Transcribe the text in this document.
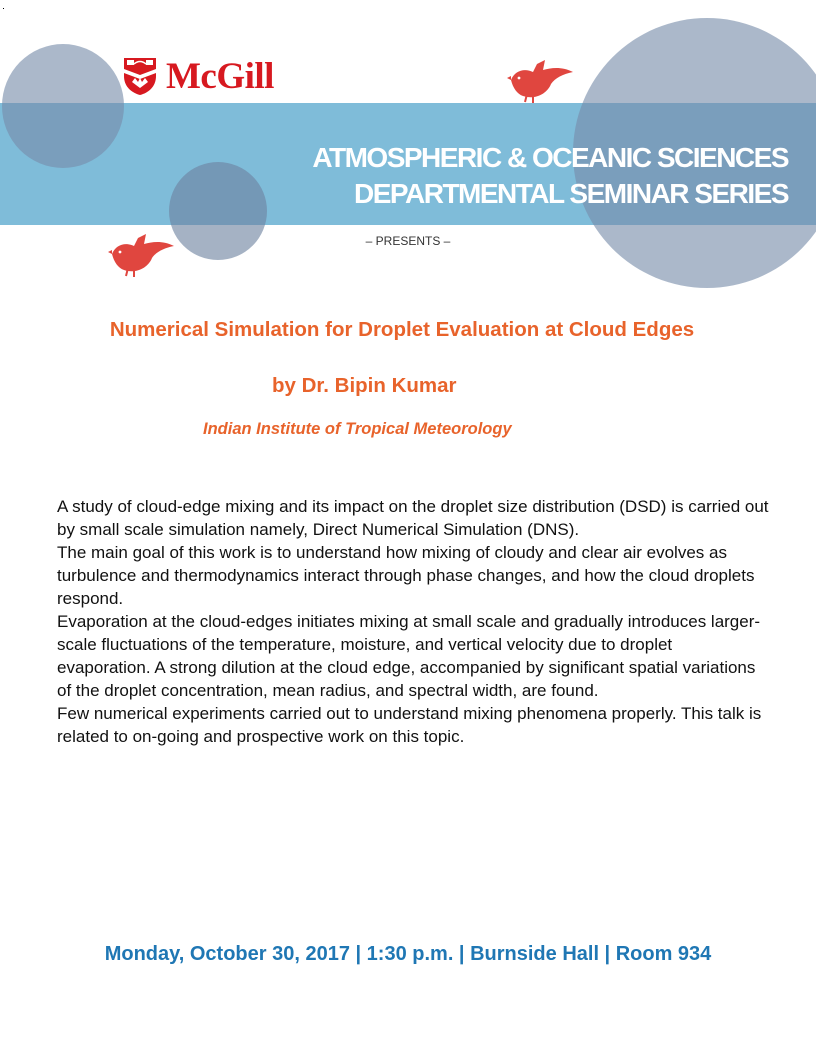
McGill
ATMOSPHERIC & OCEANIC SCIENCES
DEPARTMENTAL SEMINAR SERIES
– PRESENTS –
Numerical Simulation for Droplet Evaluation at Cloud Edges
by Dr. Bipin Kumar
Indian Institute of Tropical Meteorology

A study of cloud-edge mixing and its impact on the droplet size distribution (DSD) is carried out by small scale simulation namely, Direct Numerical Simulation (DNS).

The main goal of this work is to understand how mixing of cloudy and clear air evolves as turbulence and thermodynamics interact through phase changes, and how the cloud droplets respond.

Evaporation at the cloud-edges initiates mixing at small scale and gradually introduces larger-scale fluctuations of the temperature, moisture, and vertical velocity due to droplet evaporation. A strong dilution at the cloud edge, accompanied by significant spatial variations of the droplet concentration, mean radius, and spectral width, are found.

Few numerical experiments carried out to understand mixing phenomena properly. This talk is related to on-going and prospective work on this topic.

Monday, October 30, 2017 | 1:30 p.m. | Burnside Hall | Room 934
